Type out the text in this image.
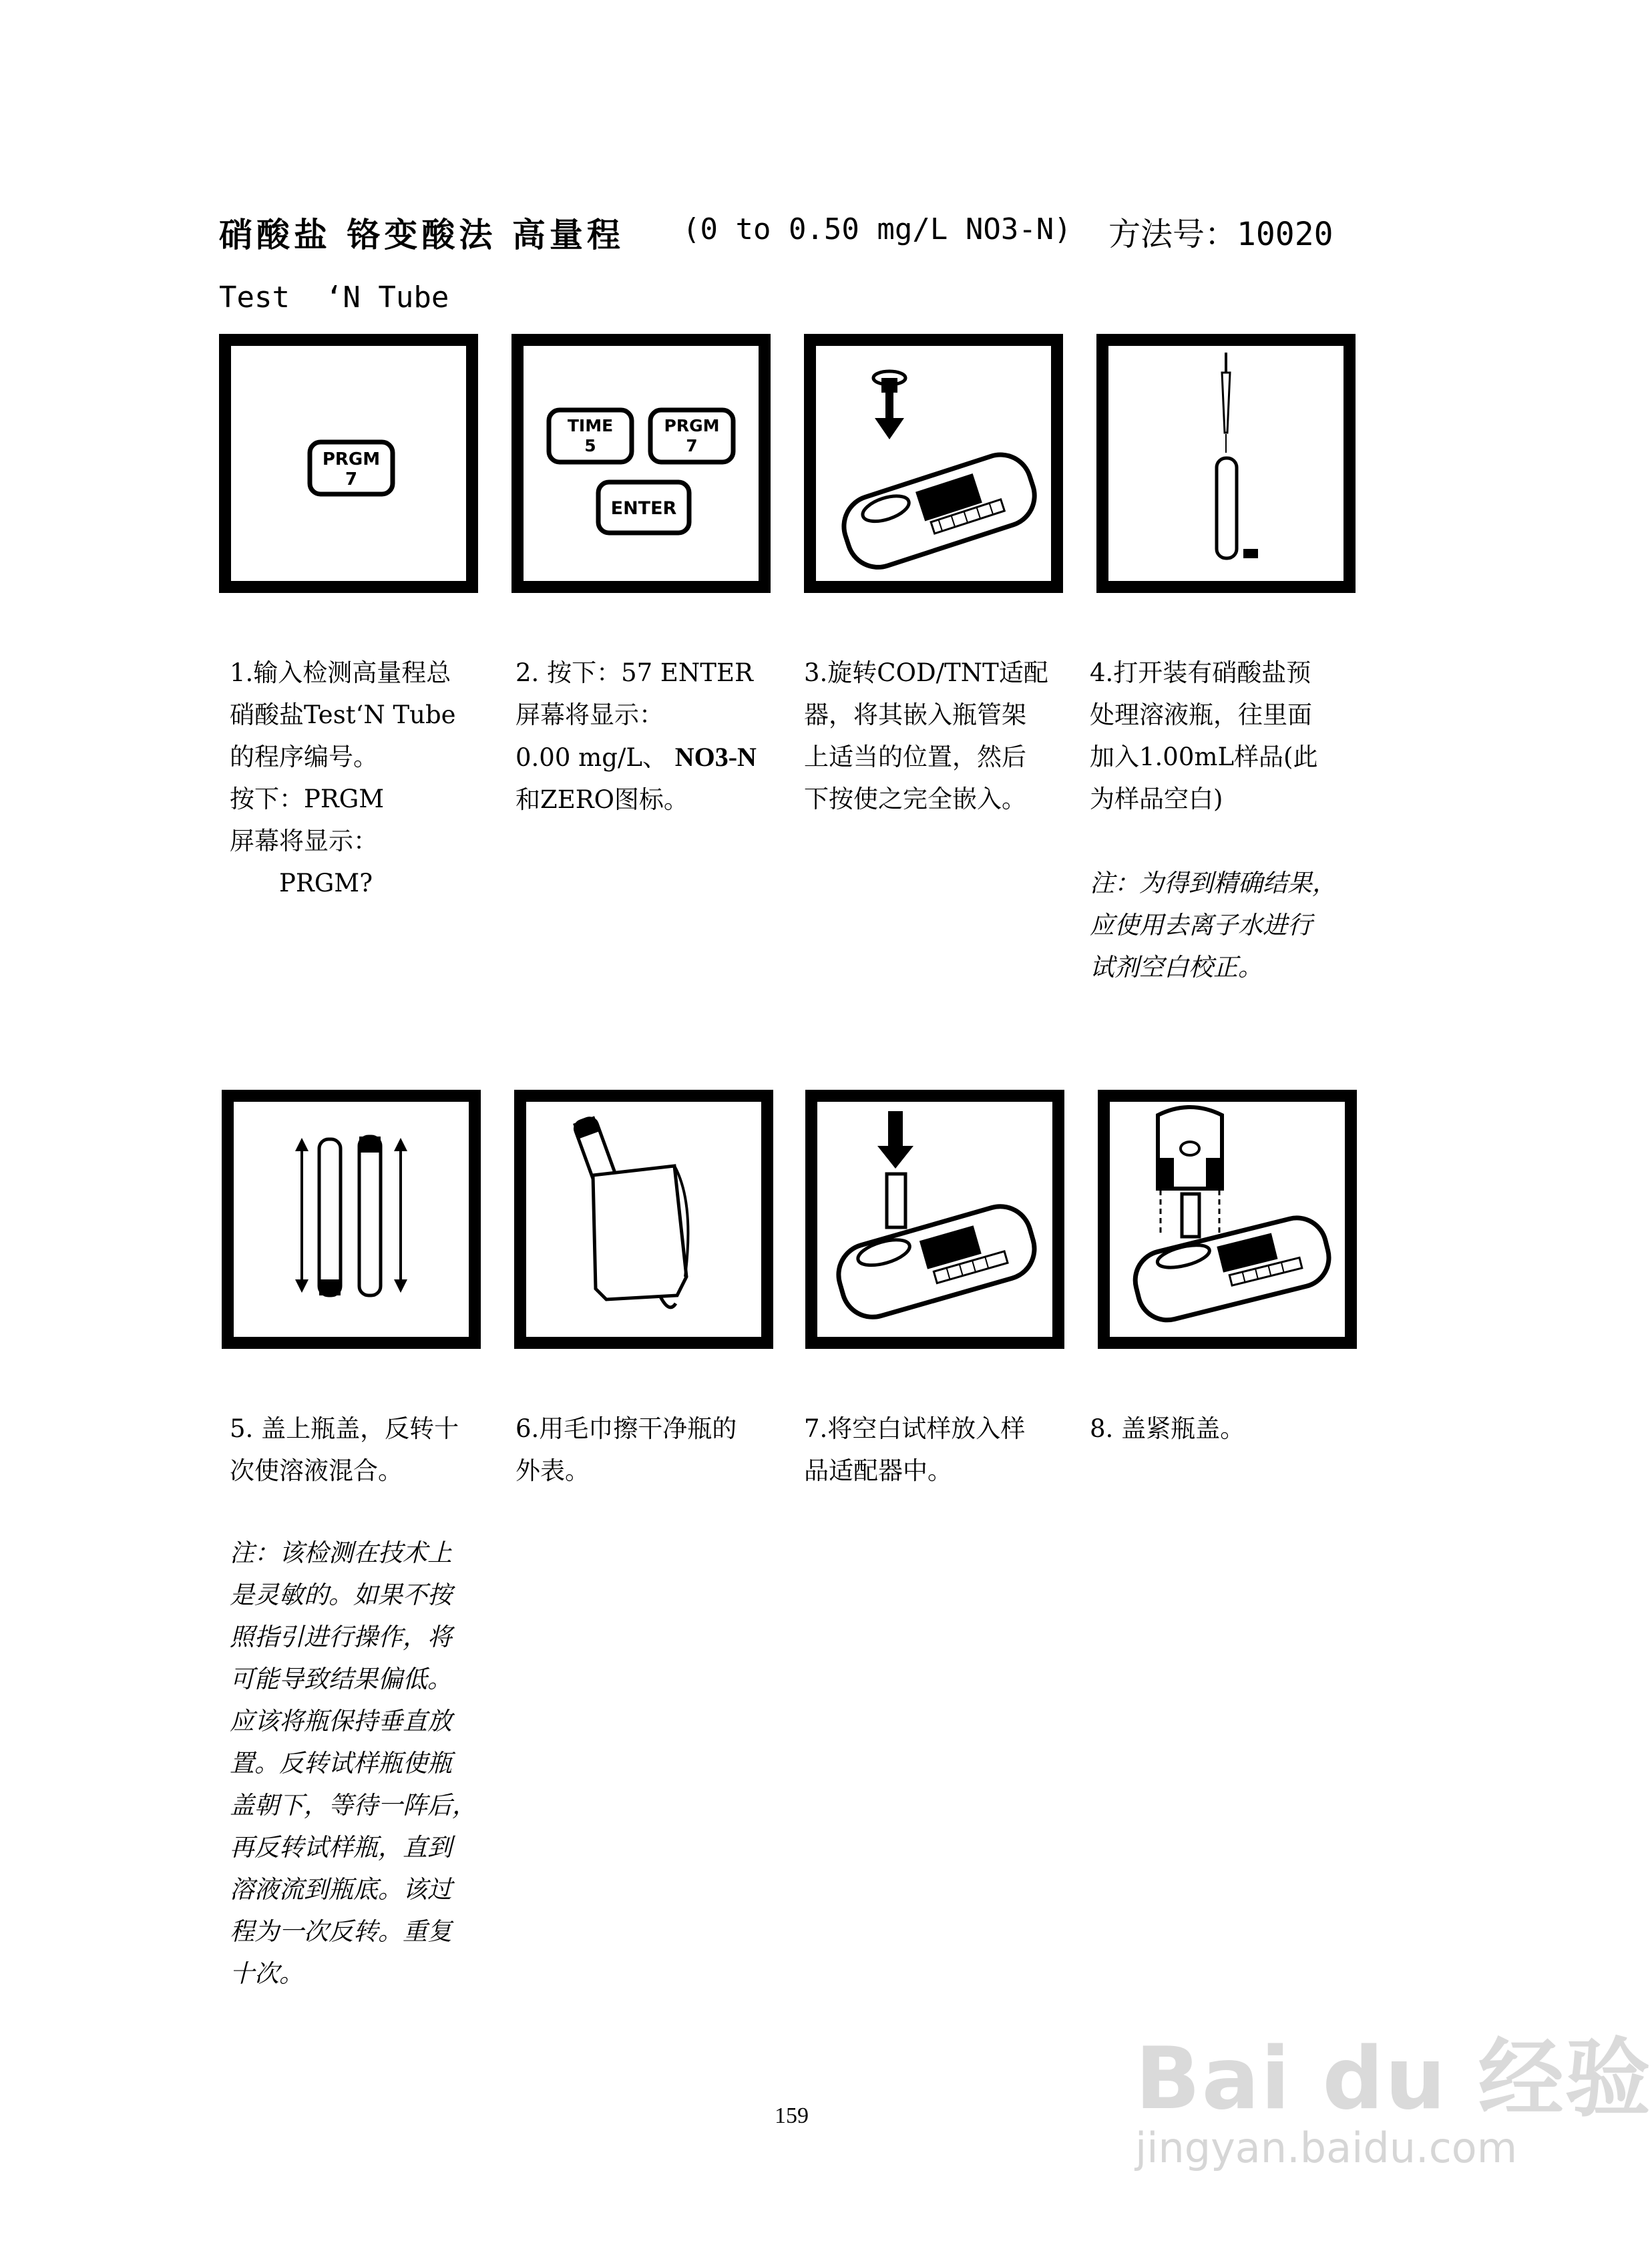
硝酸盐 铬变酸法 高量程 (0 to 0.50 mg/L NO3-N) 方法号：10020
Test  ‘N Tube
PRGM
7
TIME
5
PRGM
7
ENTER

1.输入检测高量程总

硝酸盐Test‘N Tube

的程序编号。

按下：PRGM

屏幕将显示：

　　PRGM?

2. 按下：57 ENTER

屏幕将显示：

0.00 mg/L、 NO3-N

和ZERO图标。

3.旋转COD/TNT适配

器，将其嵌入瓶管架

上适当的位置，然后

下按使之完全嵌入。

4.打开装有硝酸盐预

处理溶液瓶，往里面

加入1.00mL样品(此

为样品空白)

注：为得到精确结果，

应使用去离子水进行

试剂空白校正。

5. 盖上瓶盖，反转十

次使溶液混合。

注：该检测在技术上

是灵敏的。如果不按

照指引进行操作，将

可能导致结果偏低。

应该将瓶保持垂直放

置。反转试样瓶使瓶

盖朝下，等待一阵后，

再反转试样瓶，直到

溶液流到瓶底。该过

程为一次反转。重复

十次。

6.用毛巾擦干净瓶的

外表。

7.将空白试样放入样

品适配器中。

8. 盖紧瓶盖。

159	Bai du 经验
jingyan.baidu.com
